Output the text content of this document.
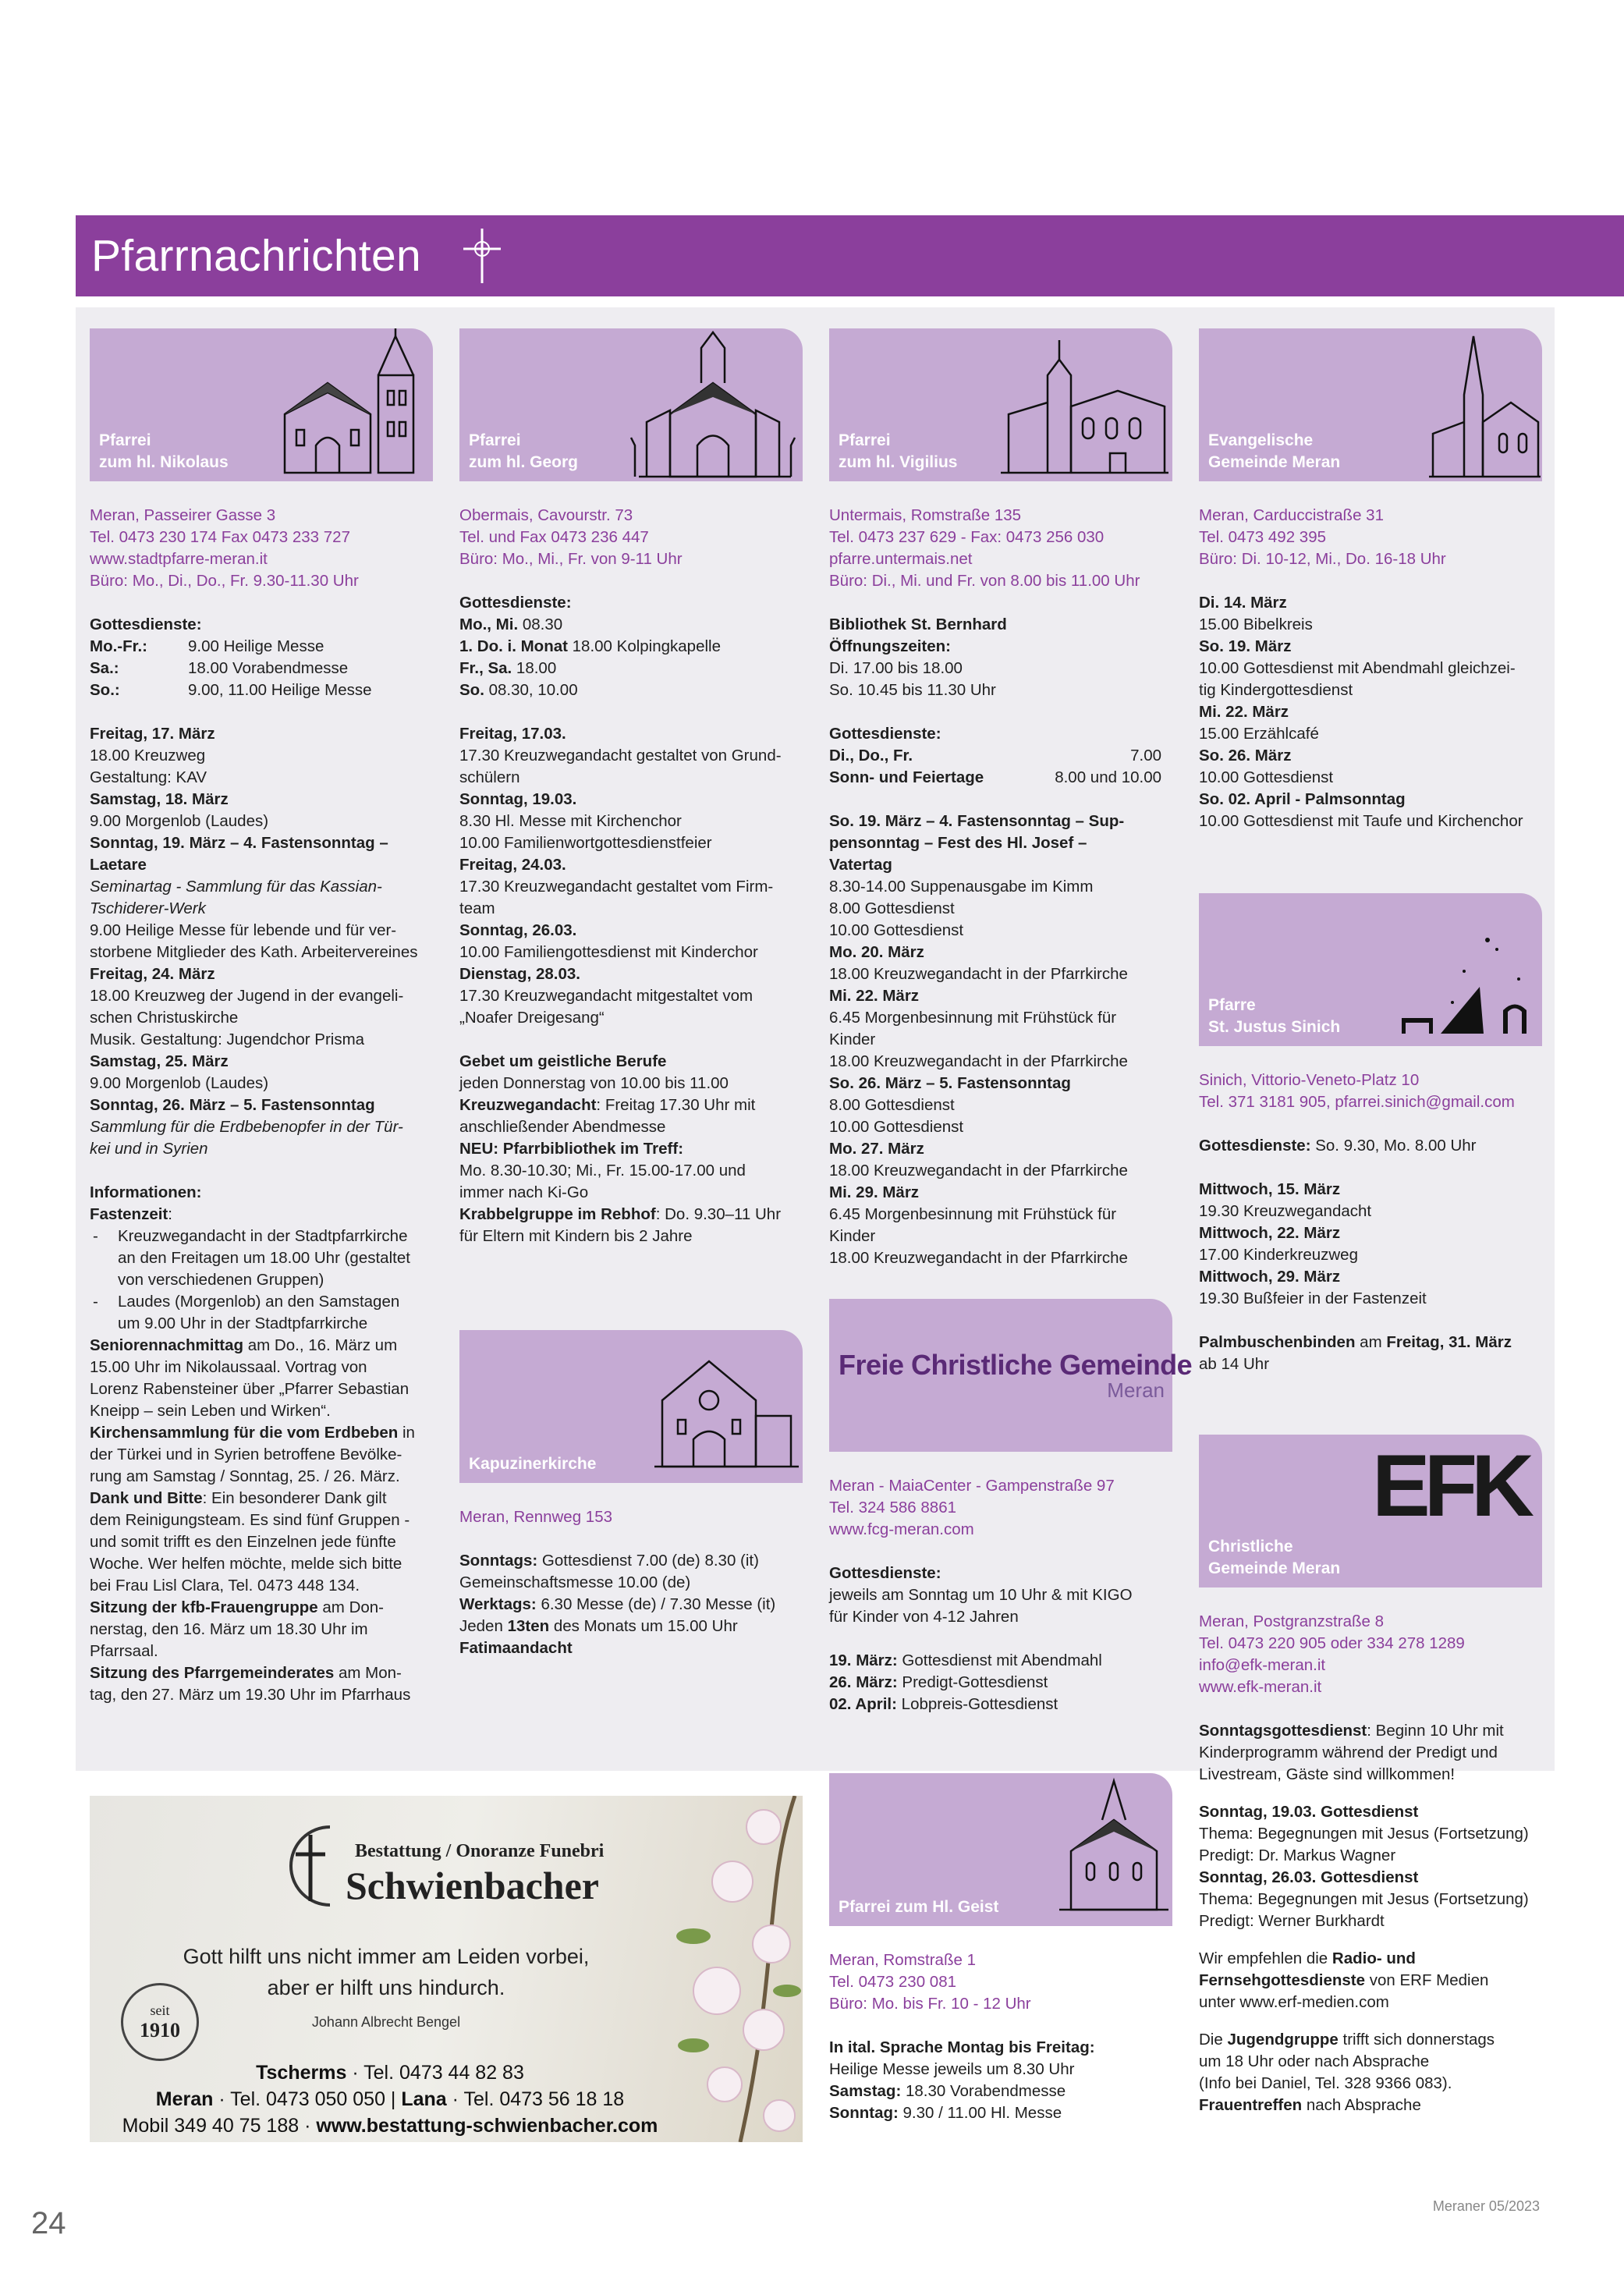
Pfarrnachrichten
Pfarrei
zum hl. Nikolaus
Meran, Passeirer Gasse 3
Tel. 0473 230 174 Fax 0473 233 727
www.stadtpfarre-meran.it
Büro: Mo., Di., Do., Fr. 9.30-11.30 Uhr
Gottesdienste:
Mo.-Fr.:	9.00 Heilige Messe
Sa.:	18.00 Vorabendmesse
So.:	9.00, 11.00 Heilige Messe
Freitag, 17. März
18.00 Kreuzweg
Gestaltung: KAV
Samstag, 18. März
9.00 Morgenlob (Laudes)
Sonntag, 19. März – 4. Fastensonntag –
Laetare
Seminartag - Sammlung für das Kassian-
Tschiderer-Werk
9.00 Heilige Messe für lebende und für ver-
storbene Mitglieder des Kath. Arbeitervereines
Freitag, 24. März
18.00 Kreuzweg der Jugend in der evangeli-
schen Christuskirche
Musik. Gestaltung: Jugendchor Prisma
Samstag, 25. März
9.00 Morgenlob (Laudes)
Sonntag, 26. März – 5. Fastensonntag
Sammlung für die Erdbebenopfer in der Tür-
kei und in Syrien
Informationen:
Fastenzeit:
-	Kreuzwegandacht in der Stadtpfarrkirche
an den Freitagen um 18.00 Uhr (gestaltet
von verschiedenen Gruppen)
-	Laudes (Morgenlob) an den Samstagen
um 9.00 Uhr in der Stadtpfarrkirche
Seniorennachmittag am Do., 16. März um
15.00 Uhr im Nikolaussaal. Vortrag von
Lorenz Rabensteiner über „Pfarrer Sebastian
Kneipp – sein Leben und Wirken“.
Kirchensammlung für die vom Erdbeben in
der Türkei und in Syrien betroffene Bevölke-
rung am Samstag / Sonntag, 25. / 26. März.
Dank und Bitte: Ein besonderer Dank gilt
dem Reinigungsteam. Es sind fünf Gruppen -
und somit trifft es den Einzelnen jede fünfte
Woche. Wer helfen möchte, melde sich bitte
bei Frau Lisl Clara, Tel. 0473 448 134.
Sitzung der kfb-Frauengruppe am Don-
nerstag, den 16. März um 18.30 Uhr im
Pfarrsaal.
Sitzung des Pfarrgemeinderates am Mon-
tag, den 27. März um 19.30 Uhr im Pfarrhaus
Pfarrei
zum hl. Georg
Obermais, Cavourstr. 73
Tel. und Fax 0473 236 447
Büro: Mo., Mi., Fr. von 9-11 Uhr
Gottesdienste:
Mo., Mi. 08.30
1. Do. i. Monat 18.00 Kolpingkapelle
Fr., Sa. 18.00
So. 08.30, 10.00
Freitag, 17.03.
17.30 Kreuzwegandacht gestaltet von Grund-
schülern
Sonntag, 19.03.
8.30 Hl. Messe mit Kirchenchor
10.00 Familienwortgottesdienstfeier
Freitag, 24.03.
17.30 Kreuzwegandacht gestaltet vom Firm-
team
Sonntag, 26.03.
10.00 Familiengottesdienst mit Kinderchor
Dienstag, 28.03.
17.30 Kreuzwegandacht mitgestaltet vom
„Noafer Dreigesang“
Gebet um geistliche Berufe
jeden Donnerstag von 10.00 bis 11.00
Kreuzwegandacht: Freitag 17.30 Uhr mit
anschließender Abendmesse
NEU: Pfarrbibliothek im Treff:
Mo. 8.30-10.30; Mi., Fr. 15.00-17.00 und
immer nach Ki-Go
Krabbelgruppe im Rebhof: Do. 9.30–11 Uhr
für Eltern mit Kindern bis 2 Jahre
Kapuzinerkirche
Meran, Rennweg 153
Sonntags: Gottesdienst 7.00 (de) 8.30 (it)
Gemeinschaftsmesse 10.00 (de)
Werktags: 6.30 Messe (de) / 7.30 Messe (it)
Jeden 13ten des Monats um 15.00 Uhr
Fatimaandacht
Pfarrei
zum hl. Vigilius
Untermais, Romstraße 135
Tel. 0473 237 629 - Fax: 0473 256 030
pfarre.untermais.net
Büro: Di., Mi. und Fr. von 8.00 bis 11.00 Uhr
Bibliothek St. Bernhard
Öffnungszeiten:
Di. 17.00 bis 18.00
So. 10.45 bis 11.30 Uhr
Gottesdienste:
Di., Do., Fr.	7.00
Sonn- und Feiertage	8.00 und 10.00
So. 19. März – 4. Fastensonntag – Sup-
pensonntag – Fest des Hl. Josef –
Vatertag
8.30-14.00 Suppenausgabe im Kimm
8.00 Gottesdienst
10.00 Gottesdienst
Mo. 20. März
18.00 Kreuzwegandacht in der Pfarrkirche
Mi. 22. März
6.45 Morgenbesinnung mit Frühstück für
Kinder
18.00 Kreuzwegandacht in der Pfarrkirche
So. 26. März – 5. Fastensonntag
8.00 Gottesdienst
10.00 Gottesdienst
Mo. 27. März
18.00 Kreuzwegandacht in der Pfarrkirche
Mi. 29. März
6.45 Morgenbesinnung mit Frühstück für
Kinder
18.00 Kreuzwegandacht in der Pfarrkirche
Freie Christliche Gemeinde
Meran
Meran - MaiaCenter - Gampenstraße 97
Tel. 324 586 8861
www.fcg-meran.com
Gottesdienste:
jeweils am Sonntag um 10 Uhr & mit KIGO
für Kinder von 4-12 Jahren
19. März: Gottesdienst mit Abendmahl
26. März: Predigt-Gottesdienst
02. April: Lobpreis-Gottesdienst
Pfarrei zum Hl. Geist
Meran, Romstraße 1
Tel. 0473 230 081
Büro: Mo. bis Fr. 10 - 12 Uhr
In ital. Sprache Montag bis Freitag:
Heilige Messe jeweils um 8.30 Uhr
Samstag: 18.30 Vorabendmesse
Sonntag: 9.30 / 11.00 Hl. Messe
Evangelische
Gemeinde Meran
Meran, Carduccistraße 31
Tel. 0473 492 395
Büro: Di. 10-12, Mi., Do. 16-18 Uhr
Di. 14. März
15.00 Bibelkreis
So. 19. März
10.00 Gottesdienst mit Abendmahl gleichzei-
tig Kindergottesdienst
Mi. 22. März
15.00 Erzählcafé
So. 26. März
10.00 Gottesdienst
So. 02. April - Palmsonntag
10.00 Gottesdienst mit Taufe und Kirchenchor
Pfarre
St. Justus Sinich
Sinich, Vittorio-Veneto-Platz 10
Tel. 371 3181 905, pfarrei.sinich@gmail.com
Gottesdienste: So. 9.30, Mo. 8.00 Uhr
Mittwoch, 15. März
19.30 Kreuzwegandacht
Mittwoch, 22. März
17.00 Kinderkreuzweg
Mittwoch, 29. März
19.30 Bußfeier in der Fastenzeit
Palmbuschenbinden am Freitag, 31. März
ab 14 Uhr
EFK
Christliche
Gemeinde Meran
Meran, Postgranzstraße 8
Tel. 0473 220 905 oder 334 278 1289
info@efk-meran.it
www.efk-meran.it
Sonntagsgottesdienst: Beginn 10 Uhr mit
Kinderprogramm während der Predigt und
Livestream, Gäste sind willkommen!
Sonntag, 19.03. Gottesdienst
Thema: Begegnungen mit Jesus (Fortsetzung)
Predigt: Dr. Markus Wagner
Sonntag, 26.03. Gottesdienst
Thema: Begegnungen mit Jesus (Fortsetzung)
Predigt: Werner Burkhardt
Wir empfehlen die Radio- und
Fernsehgottesdienste von ERF Medien
unter www.erf-medien.com
Die Jugendgruppe trifft sich donnerstags
um 18 Uhr oder nach Absprache
(Info bei Daniel, Tel. 328 9366 083).
Frauentreffen nach Absprache
Bestattung / Onoranze Funebri
Schwienbacher
Gott hilft uns nicht immer am Leiden vorbei,
aber er hilft uns hindurch.
Johann Albrecht Bengel
seit
1910
Tscherms · Tel. 0473 44 82 83
Meran · Tel. 0473 050 050 | Lana · Tel. 0473 56 18 18
Mobil 349 40 75 188 · www.bestattung-schwienbacher.com
24	Meraner 05/2023
